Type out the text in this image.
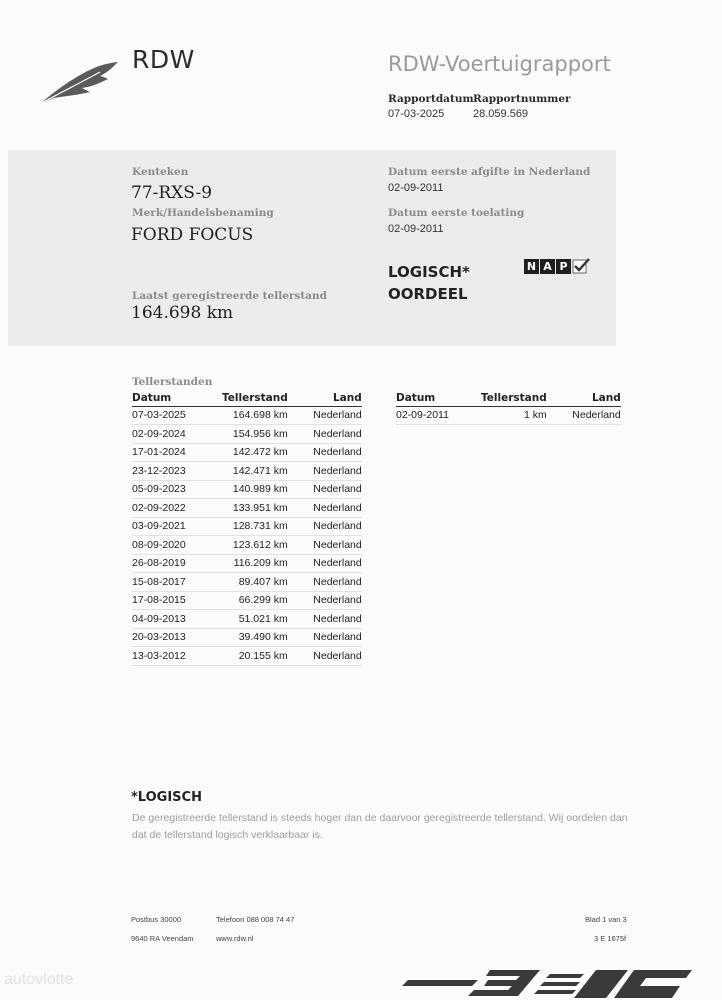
RDW	RDW-Voertuigrapport
Rapportdatum
07-03-2025
Rapportnummer
28.059.569
Kenteken
77-RXS-9
Merk/Handelsbenaming
FORD FOCUS
Datum eerste afgifte in Nederland
02-09-2011
Datum eerste toelating
02-09-2011
LOGISCH*
OORDEEL
N A P
Laatst geregistreerde tellerstand
164.698 km
Tellerstanden
Datum	Tellerstand	Land
07-03-2025	164.698 km	Nederland
02-09-2024	154.956 km	Nederland
17-01-2024	142.472 km	Nederland
23-12-2023	142.471 km	Nederland
05-09-2023	140.989 km	Nederland
02-09-2022	133.951 km	Nederland
03-09-2021	128.731 km	Nederland
08-09-2020	123.612 km	Nederland
26-08-2019	116.209 km	Nederland
15-08-2017	89.407 km	Nederland
17-08-2015	66.299 km	Nederland
04-09-2013	51.021 km	Nederland
20-03-2013	39.490 km	Nederland
13-03-2012	20.155 km	Nederland
Datum	Tellerstand	Land
02-09-2011	1 km	Nederland
*LOGISCH
De geregistreerde tellerstand is steeds hoger dan de daarvoor geregistreerde tellerstand. Wij oordelen dan dat de tellerstand logisch verklaarbaar is.
Postbus 30000
9640 RA Veendam
Telefoon 088 008 74 47
www.rdw.nl
Blad 1 van 3
3 E 1675f
autovlotte
